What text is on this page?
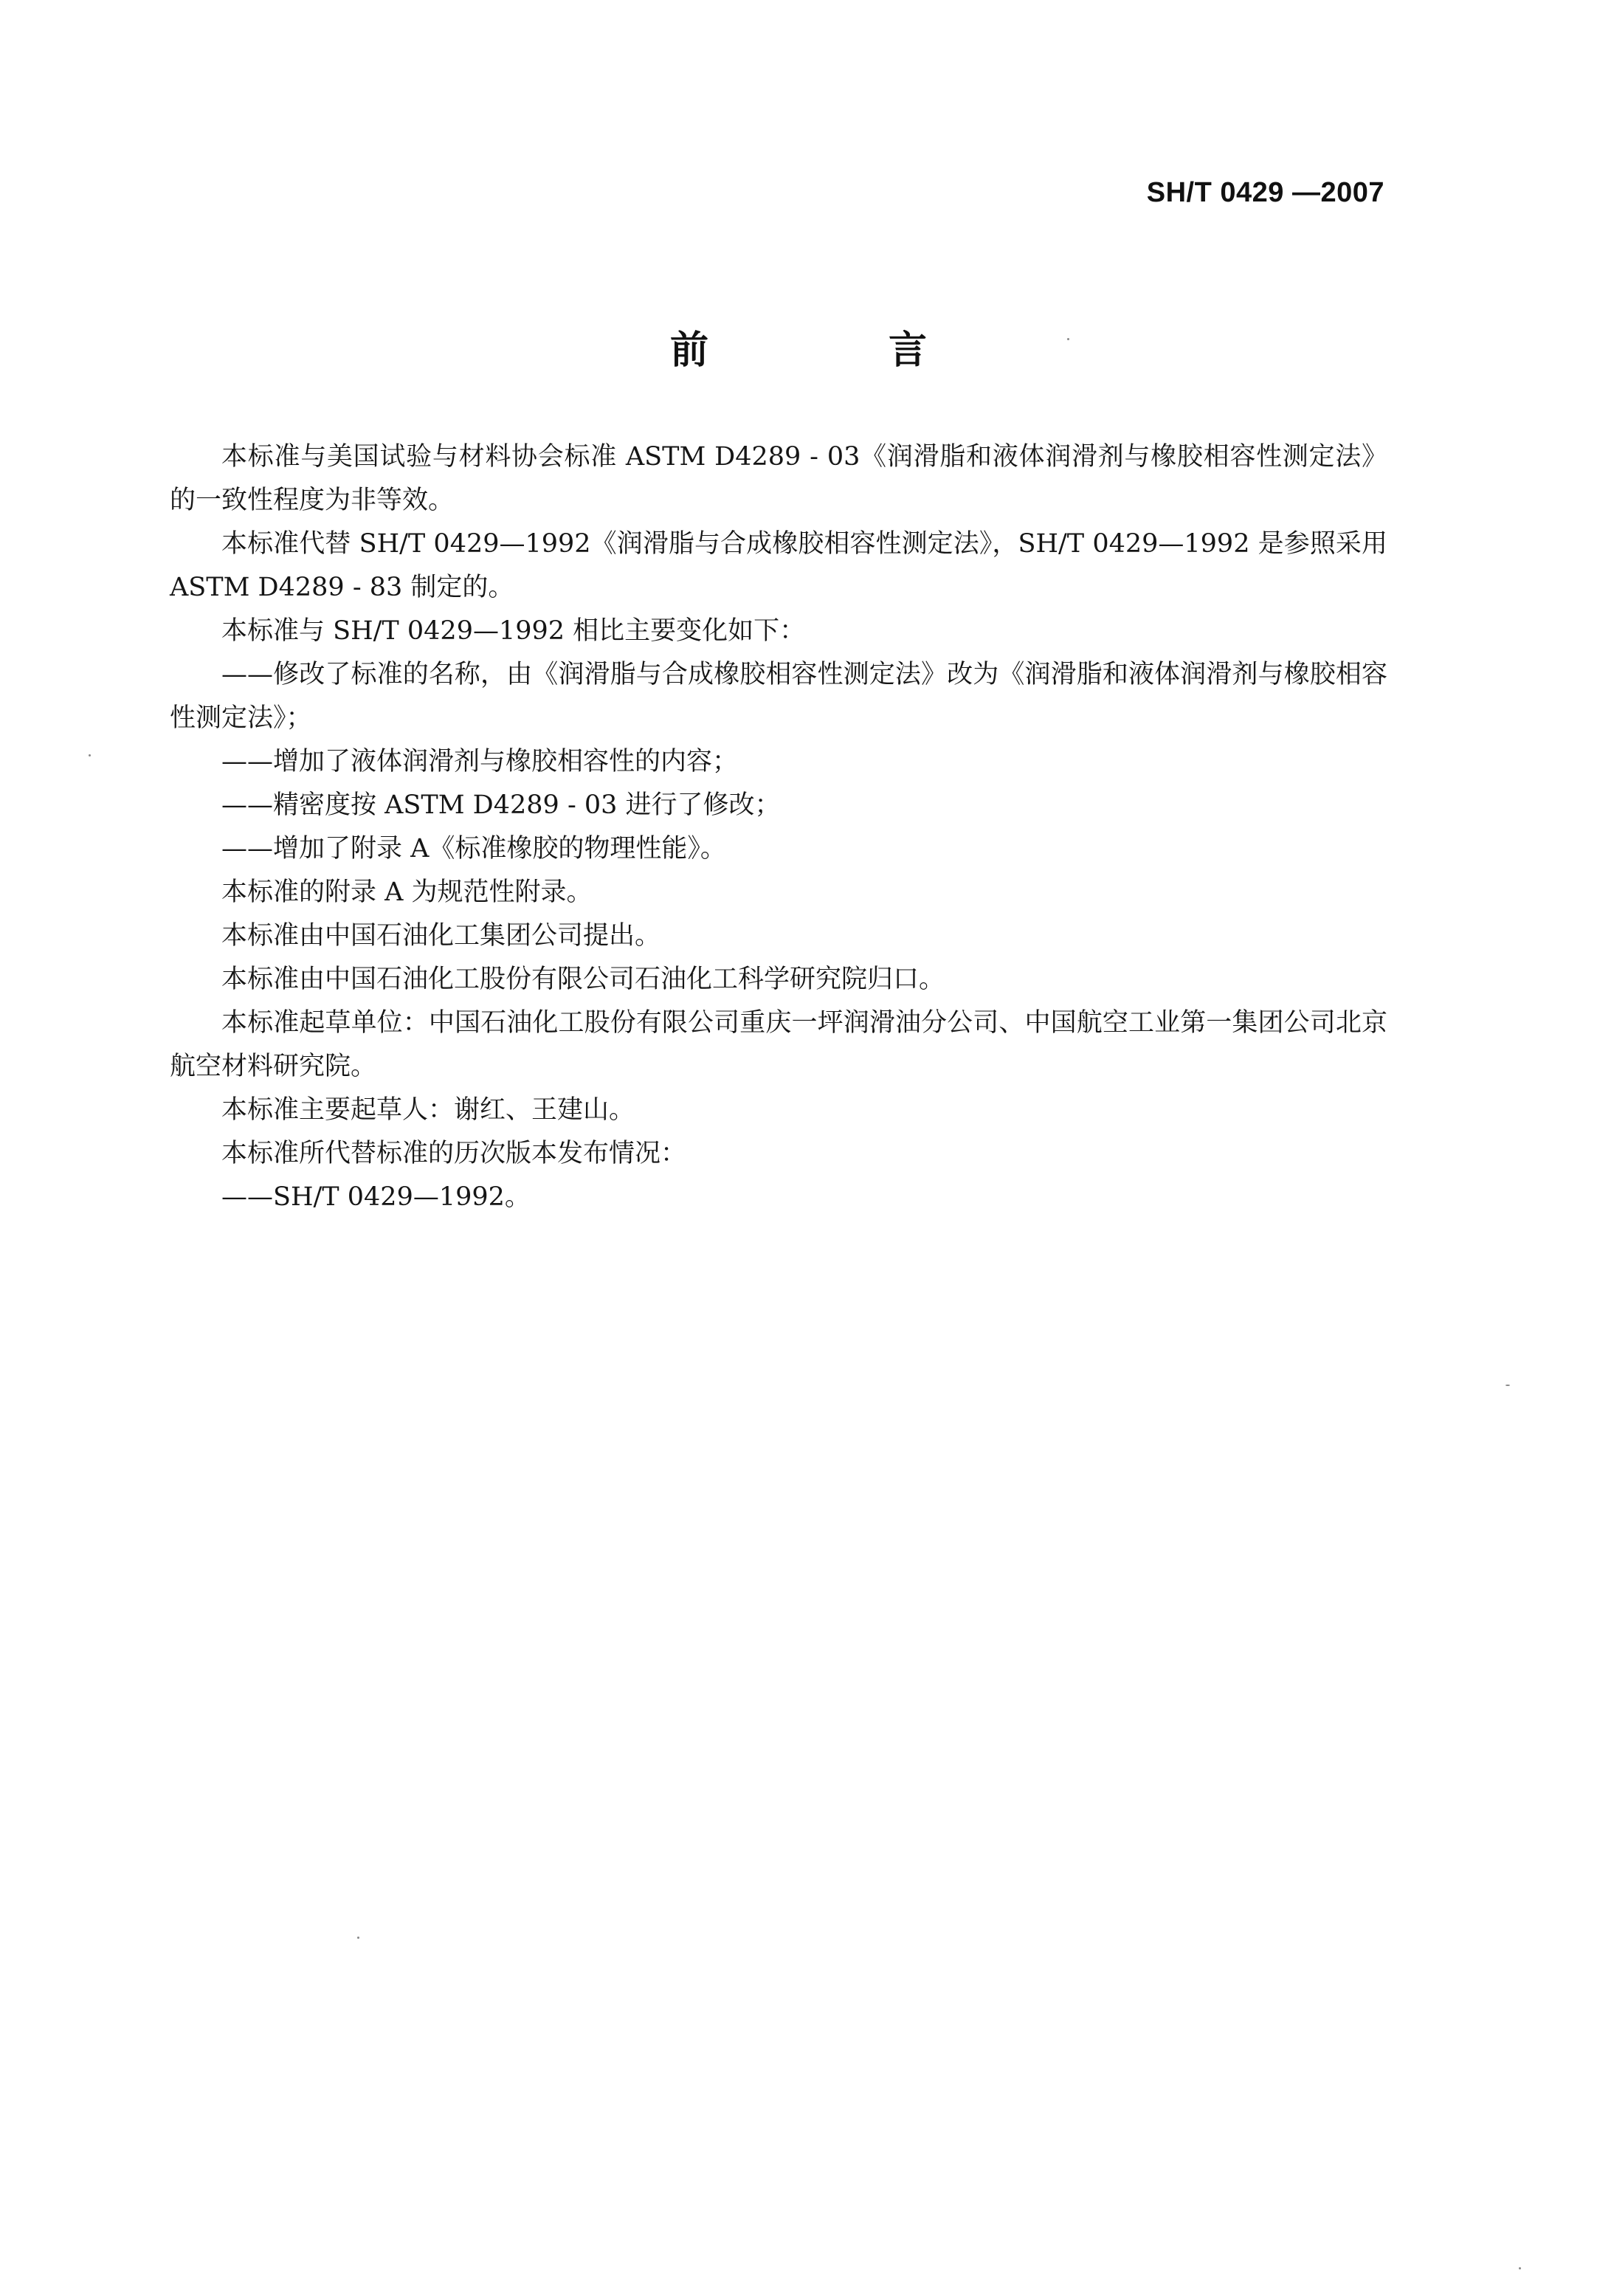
SH/T 0429 —2007
前　言

本标准与美国试验与材料协会标准 ASTM D4289 - 03《润滑脂和液体润滑剂与橡胶相容性测定法》的一致性程度为非等效。

本标准代替 SH/T 0429—1992《润滑脂与合成橡胶相容性测定法》，SH/T 0429—1992 是参照采用 ASTM D4289 - 83 制定的。

本标准与 SH/T 0429—1992 相比主要变化如下：

——修改了标准的名称，由《润滑脂与合成橡胶相容性测定法》改为《润滑脂和液体润滑剂与橡胶相容性测定法》；

——增加了液体润滑剂与橡胶相容性的内容；

——精密度按 ASTM D4289 - 03 进行了修改；

——增加了附录 A《标准橡胶的物理性能》。

本标准的附录 A 为规范性附录。

本标准由中国石油化工集团公司提出。

本标准由中国石油化工股份有限公司石油化工科学研究院归口。

本标准起草单位：中国石油化工股份有限公司重庆一坪润滑油分公司、中国航空工业第一集团公司北京航空材料研究院。

本标准主要起草人：谢红、王建山。

本标准所代替标准的历次版本发布情况：

——SH/T 0429—1992。
